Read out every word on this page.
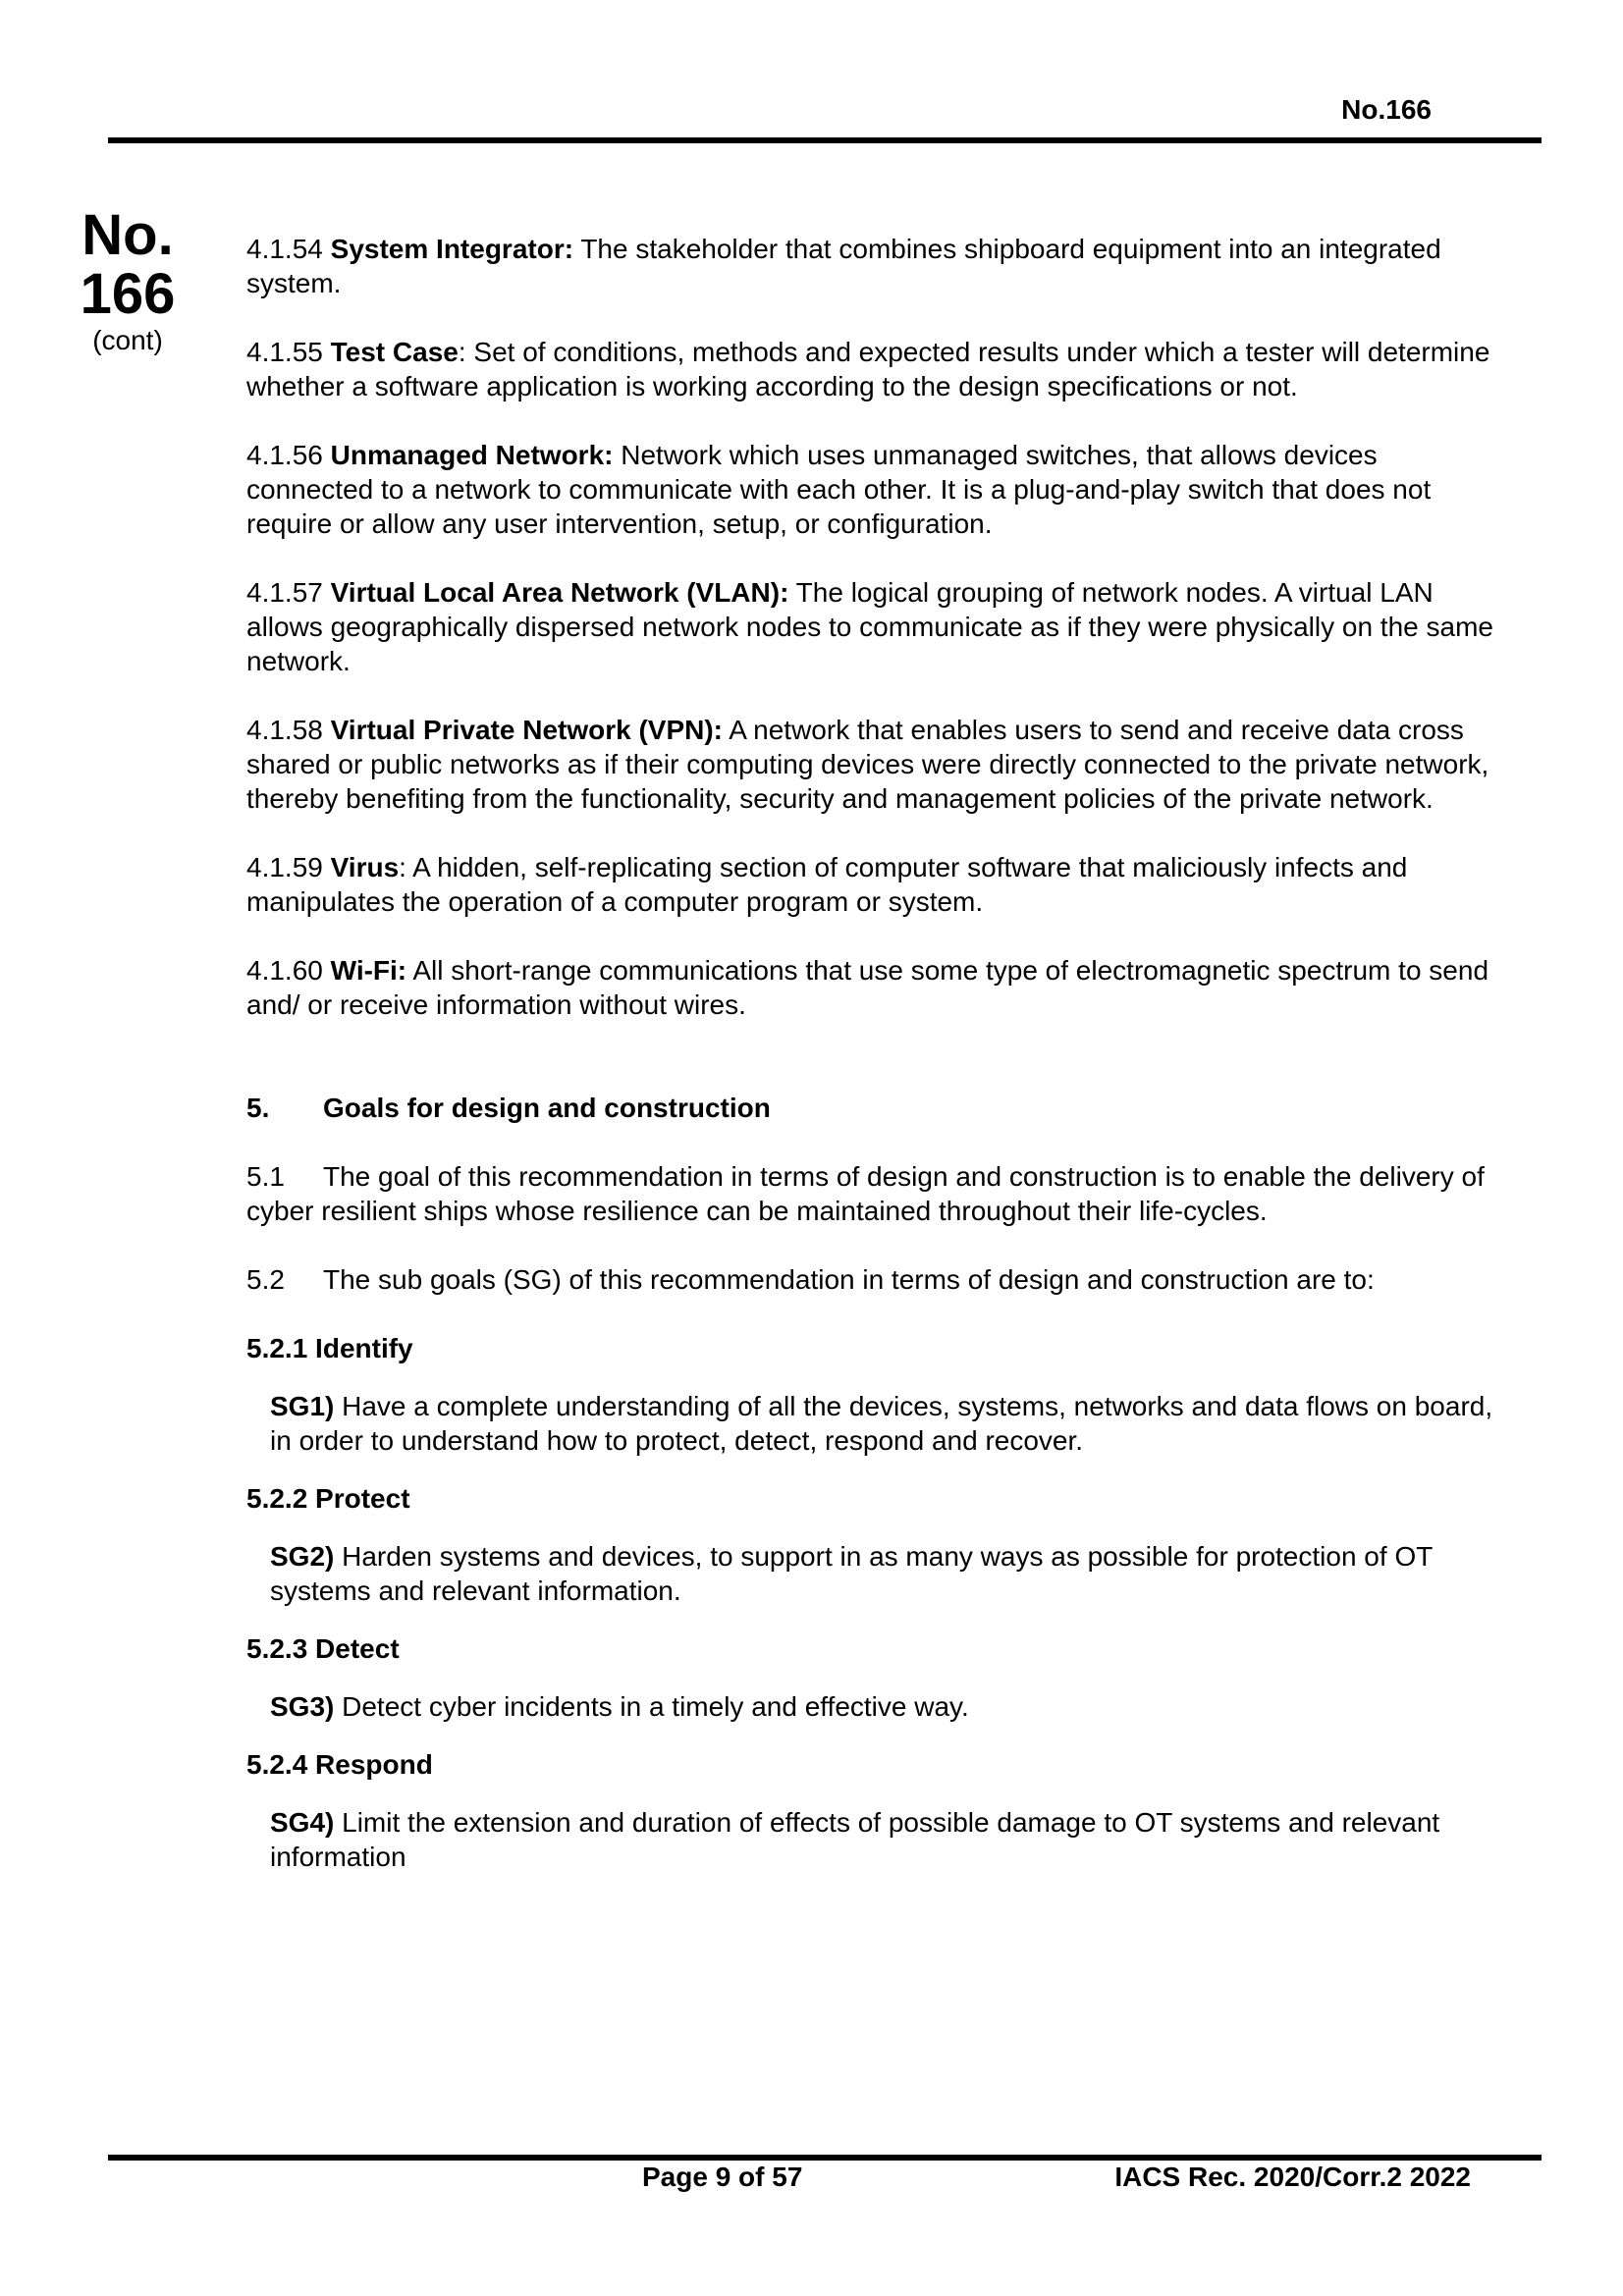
No.166
No.
166
(cont)

4.1.54 System Integrator: The stakeholder that combines shipboard equipment into an integrated system.

4.1.55 Test Case: Set of conditions, methods and expected results under which a tester will determine whether a software application is working according to the design specifications or not.

4.1.56 Unmanaged Network: Network which uses unmanaged switches, that allows devices connected to a network to communicate with each other. It is a plug-and-play switch that does not require or allow any user intervention, setup, or configuration.

4.1.57 Virtual Local Area Network (VLAN): The logical grouping of network nodes. A virtual LAN allows geographically dispersed network nodes to communicate as if they were physically on the same network.

4.1.58 Virtual Private Network (VPN): A network that enables users to send and receive data cross shared or public networks as if their computing devices were directly connected to the private network, thereby benefiting from the functionality, security and management policies of the private network.

4.1.59 Virus: A hidden, self-replicating section of computer software that maliciously infects and manipulates the operation of a computer program or system.

4.1.60 Wi-Fi: All short-range communications that use some type of electromagnetic spectrum to send and/ or receive information without wires.

5.	Goals for design and construction

5.1 The goal of this recommendation in terms of design and construction is to enable the delivery of cyber resilient ships whose resilience can be maintained throughout their life-cycles.

5.2 The sub goals (SG) of this recommendation in terms of design and construction are to:

5.2.1 Identify

SG1) Have a complete understanding of all the devices, systems, networks and data flows on board, in order to understand how to protect, detect, respond and recover.

5.2.2 Protect

SG2) Harden systems and devices, to support in as many ways as possible for protection of OT systems and relevant information.

5.2.3 Detect

SG3) Detect cyber incidents in a timely and effective way.

5.2.4 Respond

SG4) Limit the extension and duration of effects of possible damage to OT systems and relevant information

Page 9 of 57	IACS Rec. 2020/Corr.2 2022
